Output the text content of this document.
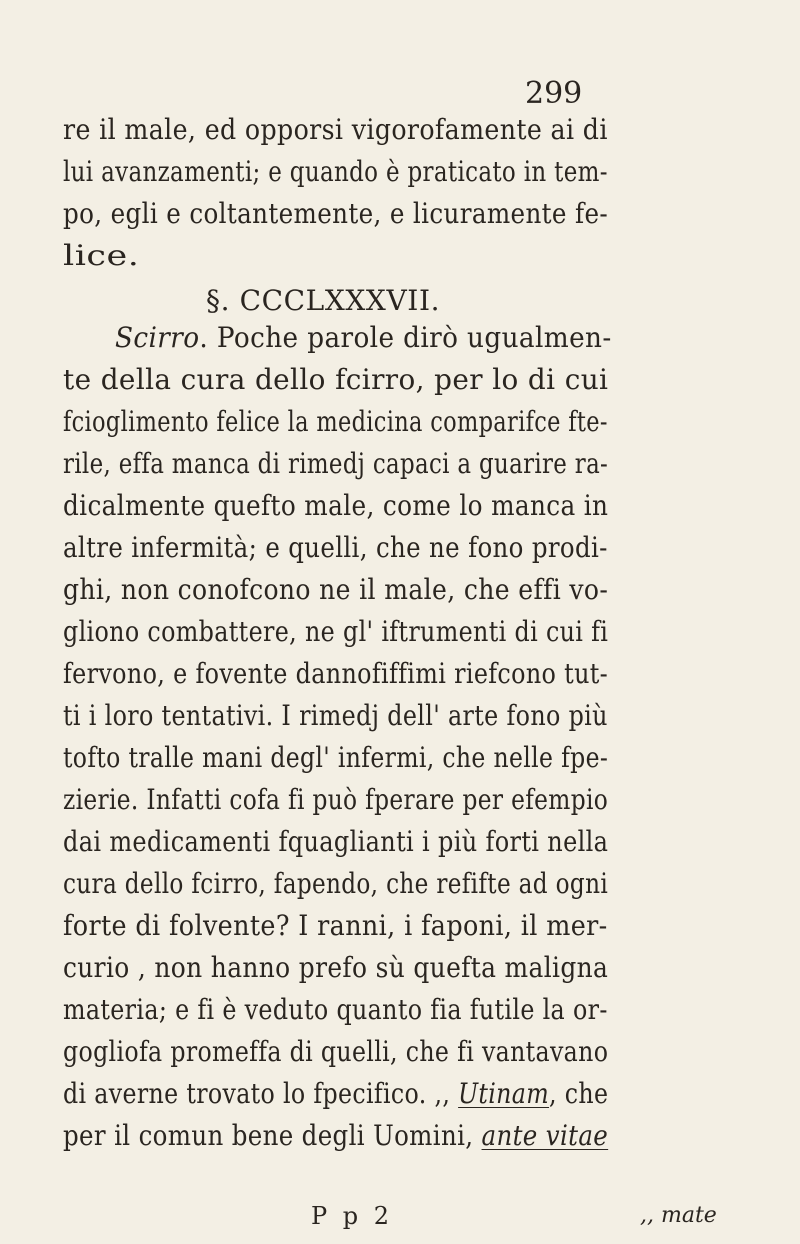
299
§. CCCLXXXVII.
re il male, ed opporsi vigorofamente ai di
lui avanzamenti; e quando è praticato in tem-
po, egli e coltantemente, e licuramente fe-
lice.
Scirro. Poche parole dirò ugualmen-
te della cura dello fcirro, per lo di cui
fcioglimento felice la medicina comparifce fte-
rile, effa manca di rimedj capaci a guarire ra-
dicalmente quefto male, come lo manca in
altre infermità; e quelli, che ne fono prodi-
ghi, non conofcono ne il male, che effi vo-
gliono combattere, ne gl' iftrumenti di cui fi
fervono, e fovente dannofiffimi riefcono tut-
ti i loro tentativi. I rimedj dell' arte fono più
tofto tralle mani degl' infermi, che nelle fpe-
zierie. Infatti cofa fi può fperare per efempio
dai medicamenti fquaglianti i più forti nella
cura dello fcirro, fapendo, che refifte ad ogni
forte di folvente? I ranni, i faponi, il mer-
curio , non hanno prefo sù quefta maligna
materia; e fi è veduto quanto fia futile la or-
gogliofa promeffa di quelli, che fi vantavano
di averne trovato lo fpecifico. ,, Utinam, che
per il comun bene degli Uomini, ante vitae
P p 2	,, mate
